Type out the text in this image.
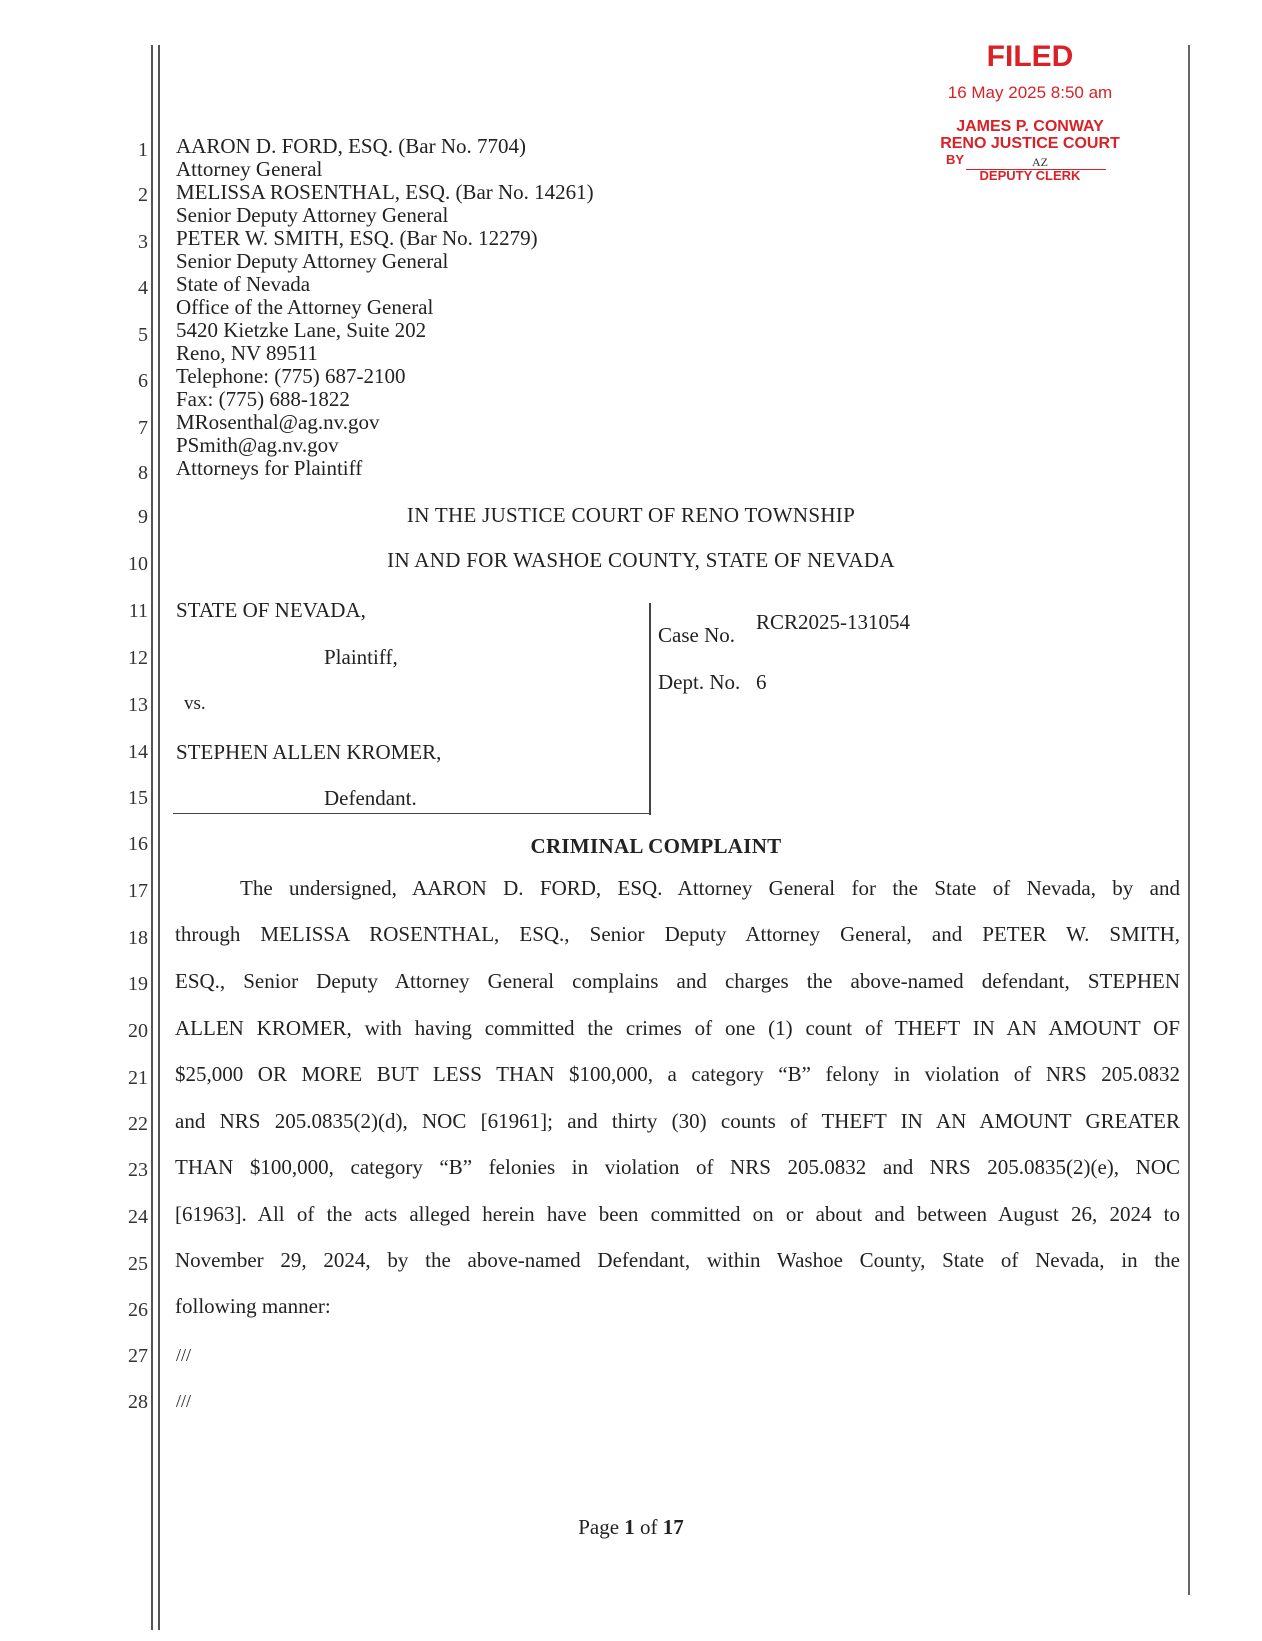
FILED
16 May 2025 8:50 am
JAMES P. CONWAY
RENO JUSTICE COURT
BY	AZ
DEPUTY CLERK
1
2
3
4
5
6
7
8
9
10
11
12
13
14
15
16
17
18
19
20
21
22
23
24
25
26
27
28
AARON D. FORD, ESQ. (Bar No. 7704)
Attorney General
MELISSA ROSENTHAL, ESQ. (Bar No. 14261)
Senior Deputy Attorney General
PETER W. SMITH, ESQ. (Bar No. 12279)
Senior Deputy Attorney General
State of Nevada
Office of the Attorney General
5420 Kietzke Lane, Suite 202
Reno, NV 89511
Telephone: (775) 687-2100
Fax: (775) 688-1822
MRosenthal@ag.nv.gov
PSmith@ag.nv.gov
Attorneys for Plaintiff
IN THE JUSTICE COURT OF RENO TOWNSHIP
IN AND FOR WASHOE COUNTY, STATE OF NEVADA
STATE OF NEVADA,
Plaintiff,
vs.
STEPHEN ALLEN KROMER,
Defendant.
Case No.
RCR2025-131054
Dept. No. 6
CRIMINAL COMPLAINT
The undersigned, AARON D. FORD, ESQ. Attorney General for the State of Nevada, by and
through MELISSA ROSENTHAL, ESQ., Senior Deputy Attorney General, and PETER W. SMITH,
ESQ., Senior Deputy Attorney General complains and charges the above-named defendant, STEPHEN
ALLEN KROMER, with having committed the crimes of one (1) count of THEFT IN AN AMOUNT OF
$25,000 OR MORE BUT LESS THAN $100,000, a category “B” felony in violation of NRS 205.0832
and NRS 205.0835(2)(d), NOC [61961]; and thirty (30) counts of THEFT IN AN AMOUNT GREATER
THAN $100,000, category “B” felonies in violation of NRS 205.0832 and NRS 205.0835(2)(e), NOC
[61963]. All of the acts alleged herein have been committed on or about and between August 26, 2024 to
November 29, 2024, by the above-named Defendant, within Washoe County, State of Nevada, in the
following manner:
///
///
Page 1 of 17
